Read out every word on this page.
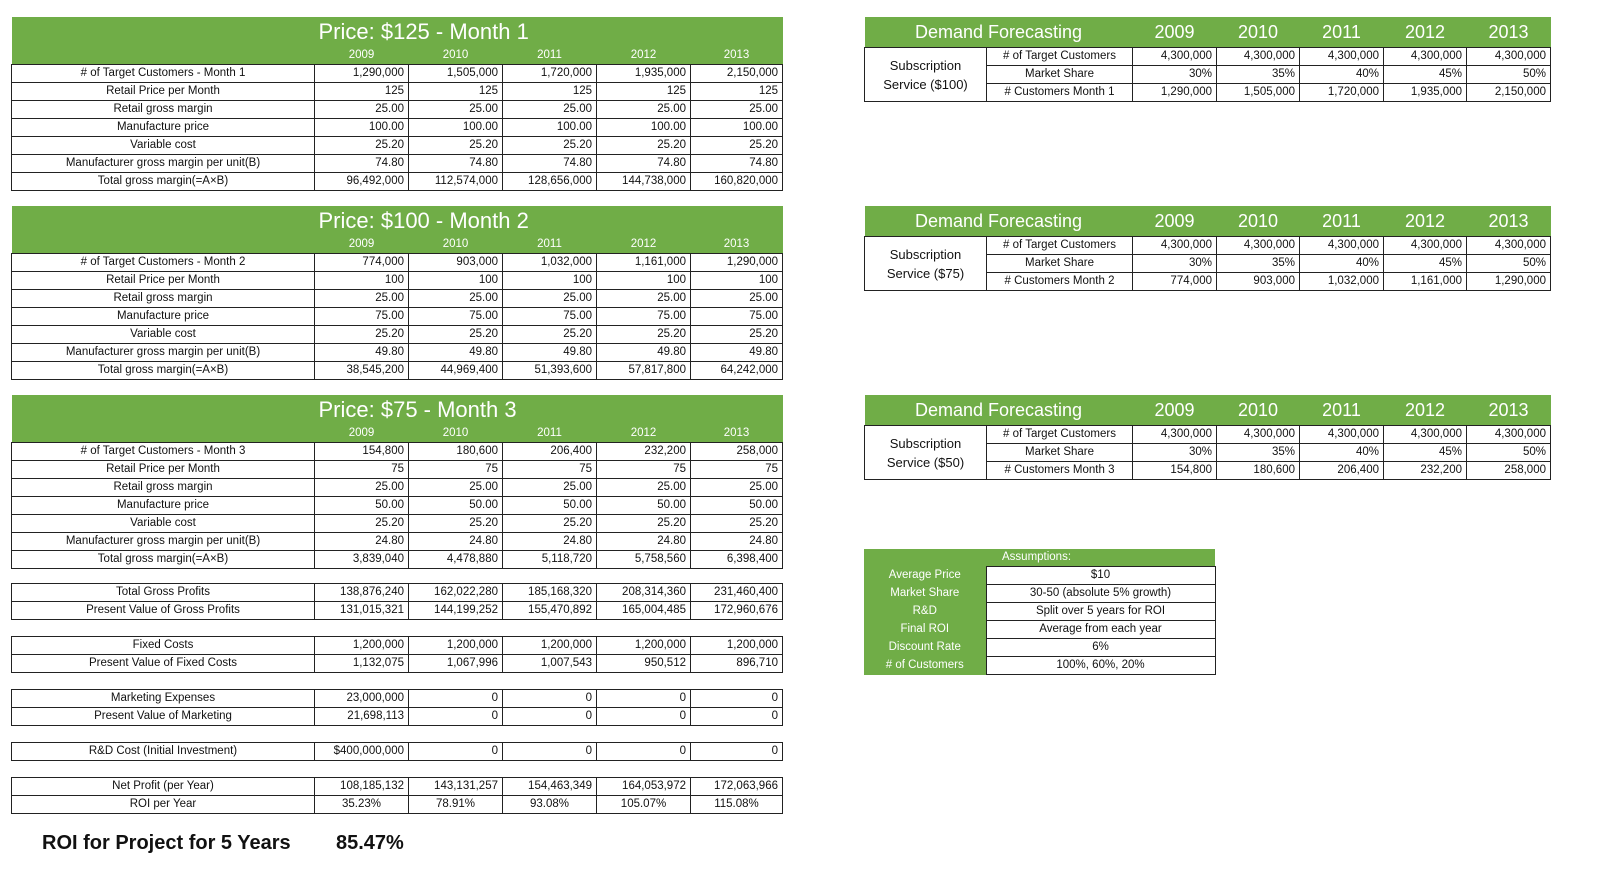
	Price: $125 - Month 1				
	2009	2010	2011	2012	2013
# of Target Customers - Month 1	1,290,000	1,505,000	1,720,000	1,935,000	2,150,000
Retail Price per Month	125	125	125	125	125
Retail gross margin	25.00	25.00	25.00	25.00	25.00
Manufacture price	100.00	100.00	100.00	100.00	100.00
Variable cost	25.20	25.20	25.20	25.20	25.20
Manufacturer gross margin per unit(B)	74.80	74.80	74.80	74.80	74.80
Total gross margin(=A×B)	96,492,000	112,574,000	128,656,000	144,738,000	160,820,000
	Price: $100 - Month 2				
	2009	2010	2011	2012	2013
# of Target Customers - Month 2	774,000	903,000	1,032,000	1,161,000	1,290,000
Retail Price per Month	100	100	100	100	100
Retail gross margin	25.00	25.00	25.00	25.00	25.00
Manufacture price	75.00	75.00	75.00	75.00	75.00
Variable cost	25.20	25.20	25.20	25.20	25.20
Manufacturer gross margin per unit(B)	49.80	49.80	49.80	49.80	49.80
Total gross margin(=A×B)	38,545,200	44,969,400	51,393,600	57,817,800	64,242,000
	Price: $75 - Month 3				
	2009	2010	2011	2012	2013
# of Target Customers - Month 3	154,800	180,600	206,400	232,200	258,000
Retail Price per Month	75	75	75	75	75
Retail gross margin	25.00	25.00	25.00	25.00	25.00
Manufacture price	50.00	50.00	50.00	50.00	50.00
Variable cost	25.20	25.20	25.20	25.20	25.20
Manufacturer gross margin per unit(B)	24.80	24.80	24.80	24.80	24.80
Total gross margin(=A×B)	3,839,040	4,478,880	5,118,720	5,758,560	6,398,400
Total Gross Profits	138,876,240	162,022,280	185,168,320	208,314,360	231,460,400
Present Value of Gross Profits	131,015,321	144,199,252	155,470,892	165,004,485	172,960,676

Fixed Costs	1,200,000	1,200,000	1,200,000	1,200,000	1,200,000
Present Value of Fixed Costs	1,132,075	1,067,996	1,007,543	950,512	896,710

Marketing Expenses	23,000,000	0	0	0	0
Present Value of Marketing	21,698,113	0	0	0	0

R&D Cost (Initial Investment)	$400,000,000	0	0	0	0

Net Profit (per Year)	108,185,132	143,131,257	154,463,349	164,053,972	172,063,966
ROI per Year	35.23%	78.91%	93.08%	105.07%	115.08%
ROI for Project for 5 Years 85.47%
Demand Forecasting		2009	2010	2011	2012	2013
Subscription Service ($100)	# of Target Customers	4,300,000	4,300,000	4,300,000	4,300,000	4,300,000
	Market Share	30%	35%	40%	45%	50%
	# Customers Month 1	1,290,000	1,505,000	1,720,000	1,935,000	2,150,000
Demand Forecasting		2009	2010	2011	2012	2013
Subscription Service ($75)	# of Target Customers	4,300,000	4,300,000	4,300,000	4,300,000	4,300,000
	Market Share	30%	35%	40%	45%	50%
	# Customers Month 2	774,000	903,000	1,032,000	1,161,000	1,290,000
Demand Forecasting		2009	2010	2011	2012	2013
Subscription Service ($50)	# of Target Customers	4,300,000	4,300,000	4,300,000	4,300,000	4,300,000
	Market Share	30%	35%	40%	45%	50%
	# Customers Month 3	154,800	180,600	206,400	232,200	258,000
	Assumptions:
Average Price	$10
Market Share	30-50 (absolute 5% growth)
R&D	Split over 5 years for ROI
Final ROI	Average from each year
Discount Rate	6%
# of Customers	100%, 60%, 20%
